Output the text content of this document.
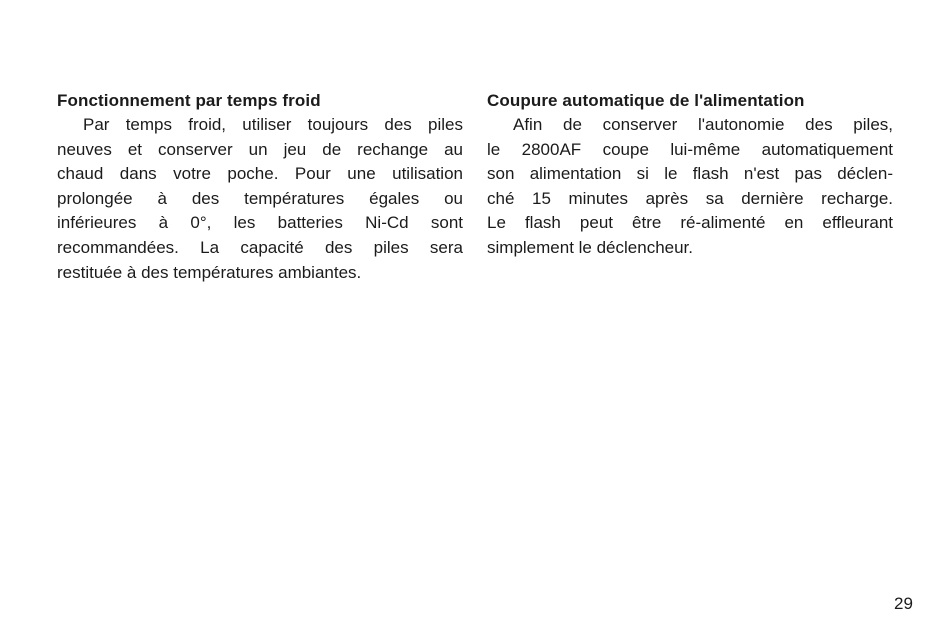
Fonctionnement par temps froid
Par temps froid, utiliser toujours des piles
neuves et conserver un jeu de rechange au
chaud dans votre poche. Pour une utilisation
prolongée à des températures égales ou
inférieures à 0°, les batteries Ni-Cd sont
recommandées. La capacité des piles sera
restituée à des températures ambiantes.
Coupure automatique de l'alimentation
Afin de conserver l'autonomie des piles,
le 2800AF coupe lui-même automatiquement
son alimentation si le flash n'est pas déclen-
ché 15 minutes après sa dernière recharge.
Le flash peut être ré-alimenté en effleurant
simplement le déclencheur.
29
